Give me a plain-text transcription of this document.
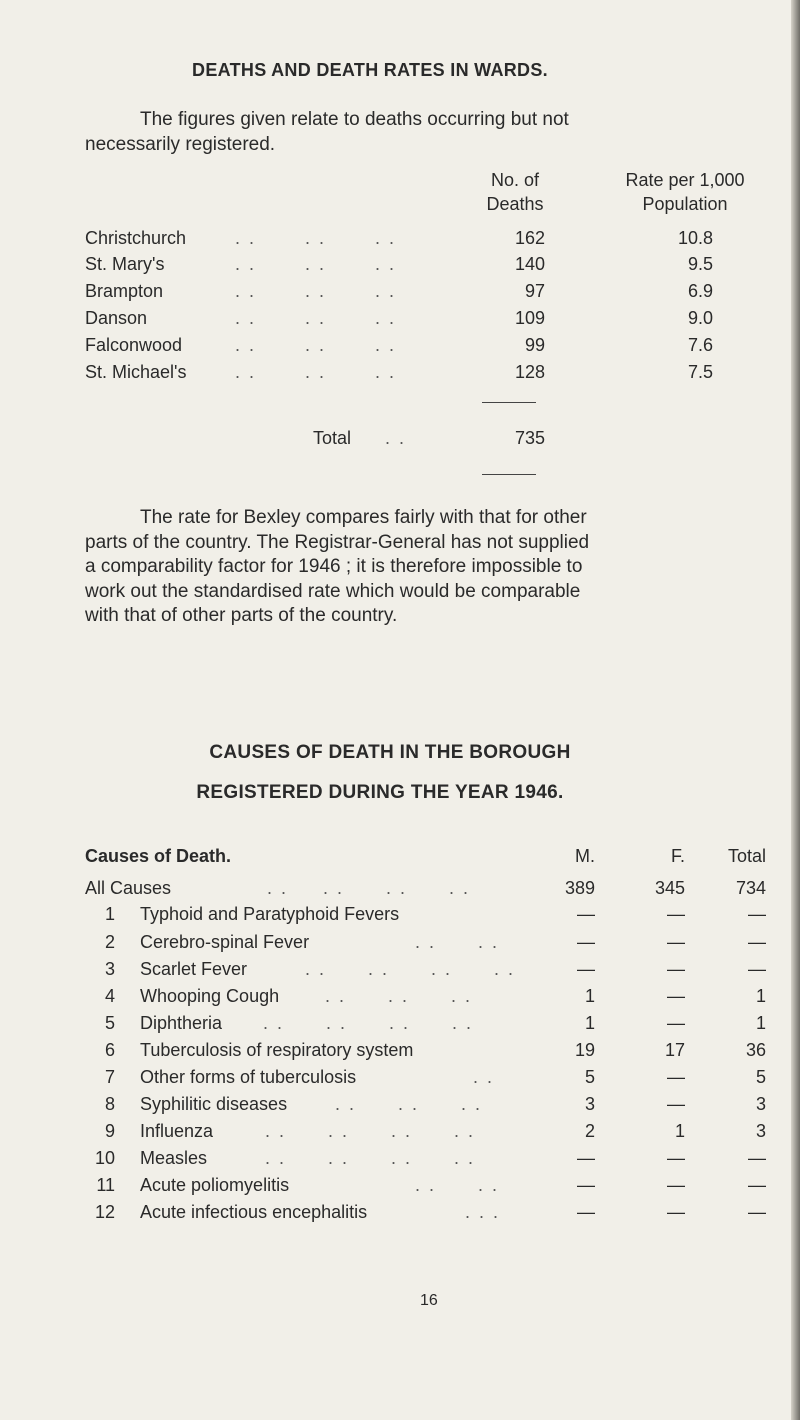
DEATHS AND DEATH RATES IN WARDS.
The figures given relate to deaths occurring but not
necessarily registered.
No. of
Deaths
Rate per 1,000
Population
Christchurch	. .       . .       . .	162	10.8
St. Mary's	. .       . .       . .	140	9.5
Brampton	. .       . .       . .	97	6.9
Danson	. .       . .       . .	109	9.0
Falconwood	. .       . .       . .	99	7.6
St. Michael's	. .       . .       . .	128	7.5
Total . .	735
The rate for Bexley compares fairly with that for other
parts of the country. The Registrar-General has not supplied
a comparability factor for 1946 ; it is therefore impossible to
work out the standardised rate which would be comparable
with that of other parts of the country.
CAUSES OF DEATH IN THE BOROUGH
REGISTERED DURING THE YEAR 1946.
Causes of Death.	M.	F.	Total
All Causes	. .     . .      . .      . .	389	345	734
1 Typhoid and Paratyphoid Fevers	—	—	—
2 Cerebro-spinal Fever	. .      . .	—	—	—
3 Scarlet Fever	. .      . .      . .      . .	—	—	—
4 Whooping Cough	. .      . .      . .	1	—	1
5 Diphtheria . .      . .      . .      . .	1	—	1
6 Tuberculosis of respiratory system	19	17	36
7 Other forms of tuberculosis	. .	5	—	5
8 Syphilitic diseases	. .      . .      . .	3	—	3
9 Influenza	. .      . .      . .      . .	2	1	3
10 Measles	. .      . .      . .      . .	—	—	—
11 Acute poliomyelitis	. .      . .	—	—	—
12 Acute infectious encephalitis	. . .	—	—	—
16
